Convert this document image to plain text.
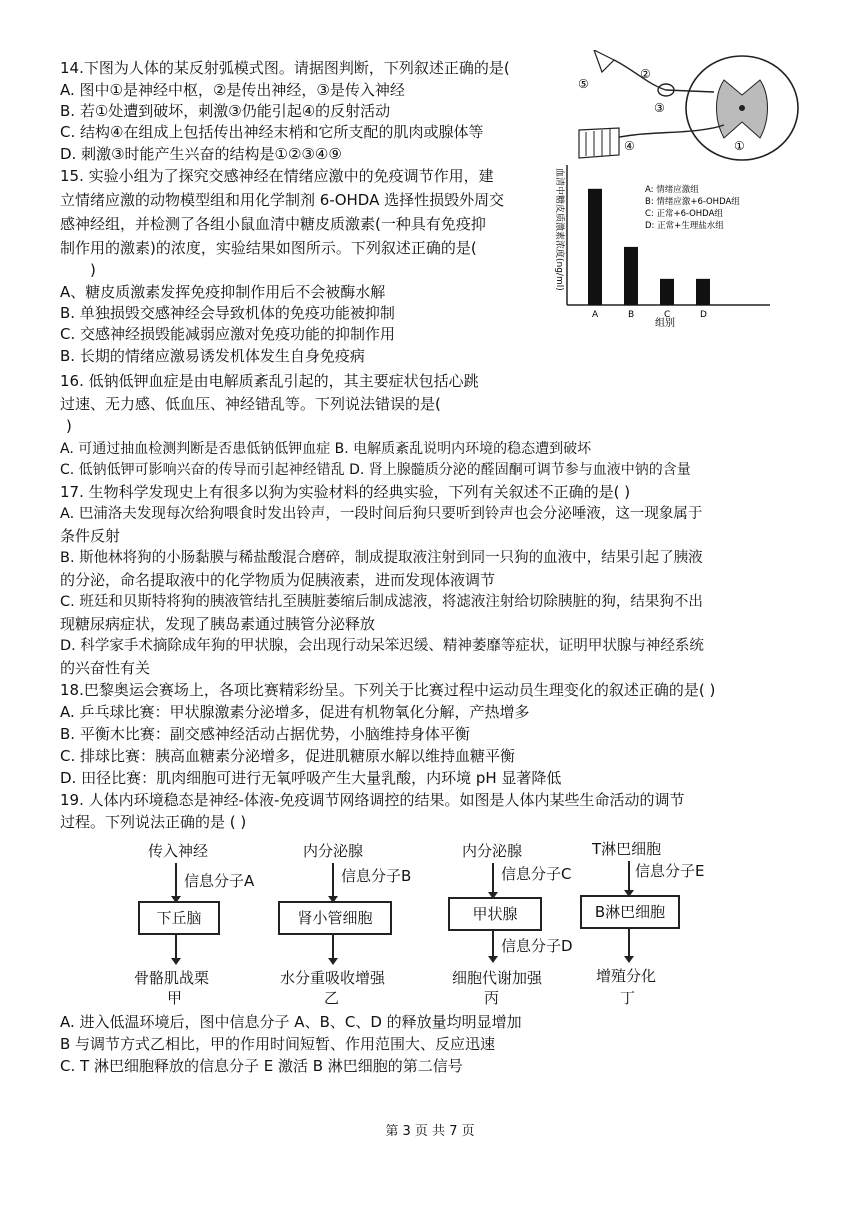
14.下图为人体的某反射弧模式图。请据图判断，下列叙述正确的是(
A. 图中①是神经中枢，②是传出神经，③是传入神经
B. 若①处遭到破坏，刺激③仍能引起④的反射活动
C. 结构④在组成上包括传出神经末梢和它所支配的肌肉或腺体等
D. 刺激③时能产生兴奋的结构是①②③④⑨
⑤
②
③
①
④
15. 实验小组为了探究交感神经在情绪应激中的免疫调节作用，建
立情绪应激的动物模型组和用化学制剂 6-OHDA 选择性损毁外周交
感神经组，并检测了各组小鼠血清中糖皮质激素(一种具有免疫抑
制作用的激素)的浓度，实验结果如图所示。下列叙述正确的是(
)
A、糖皮质激素发挥免疫抑制作用后不会被酶水解
B. 单独损毁交感神经会导致机体的免疫功能被抑制
C. 交感神经损毁能减弱应激对免疫功能的抑制作用
B. 长期的情绪应激易诱发机体发生自身免疫病
血清中糖皮质激素浓度(ng/ml)
A	B	C	D
组别
A: 情绪应激组
B: 情绪应激+6-OHDA组
C: 正常+6-OHDA组
D: 正常+生理盐水组
16. 低钠低钾血症是由电解质紊乱引起的，其主要症状包括心跳
过速、无力感、低血压、神经错乱等。下列说法错误的是(
)
A. 可通过抽血检测判断是否患低钠低钾血症 B. 电解质紊乱说明内环境的稳态遭到破坏
C. 低钠低钾可影响兴奋的传导而引起神经错乱 D. 肾上腺髓质分泌的醛固酮可调节参与血液中钠的含量
17. 生物科学发现史上有很多以狗为实验材料的经典实验，下列有关叙述不正确的是( )
A. 巴浦洛夫发现每次给狗喂食时发出铃声，一段时间后狗只要听到铃声也会分泌唾液，这一现象属于
条件反射
B. 斯他林将狗的小肠黏膜与稀盐酸混合磨碎，制成提取液注射到同一只狗的血液中，结果引起了胰液
的分泌，命名提取液中的化学物质为促胰液素，进而发现体液调节
C. 班廷和贝斯特将狗的胰液管结扎至胰脏萎缩后制成滤液，将滤液注射给切除胰脏的狗，结果狗不出
现糖尿病症状，发现了胰岛素通过胰管分泌释放
D. 科学家手术摘除成年狗的甲状腺，会出现行动呆笨迟缓、精神萎靡等症状，证明甲状腺与神经系统
的兴奋性有关
18.巴黎奥运会赛场上，各项比赛精彩纷呈。下列关于比赛过程中运动员生理变化的叙述正确的是( )
A. 乒乓球比赛：甲状腺激素分泌增多，促进有机物氧化分解，产热增多
B. 平衡木比赛：副交感神经活动占据优势，小脑维持身体平衡
C. 排球比赛：胰高血糖素分泌增多，促进肌糖原水解以维持血糖平衡
D. 田径比赛：肌肉细胞可进行无氧呼吸产生大量乳酸，内环境 pH 显著降低
19. 人体内环境稳态是神经-体液-免疫调节网络调控的结果。如图是人体内某些生命活动的调节
过程。下列说法正确的是 ( )
传入神经
信息分子A
下丘脑
骨骼肌战栗
甲
内分泌腺
信息分子B
肾小管细胞
水分重吸收增强
乙
内分泌腺
信息分子C
甲状腺
信息分子D
细胞代谢加强
丙
T淋巴细胞
信息分子E
B淋巴细胞
增殖分化
丁
A. 进入低温环境后，图中信息分子 A、B、C、D 的释放量均明显增加
B 与调节方式乙相比，甲的作用时间短暂、作用范围大、反应迅速
C. T 淋巴细胞释放的信息分子 E 激活 B 淋巴细胞的第二信号
第 3 页 共 7 页
